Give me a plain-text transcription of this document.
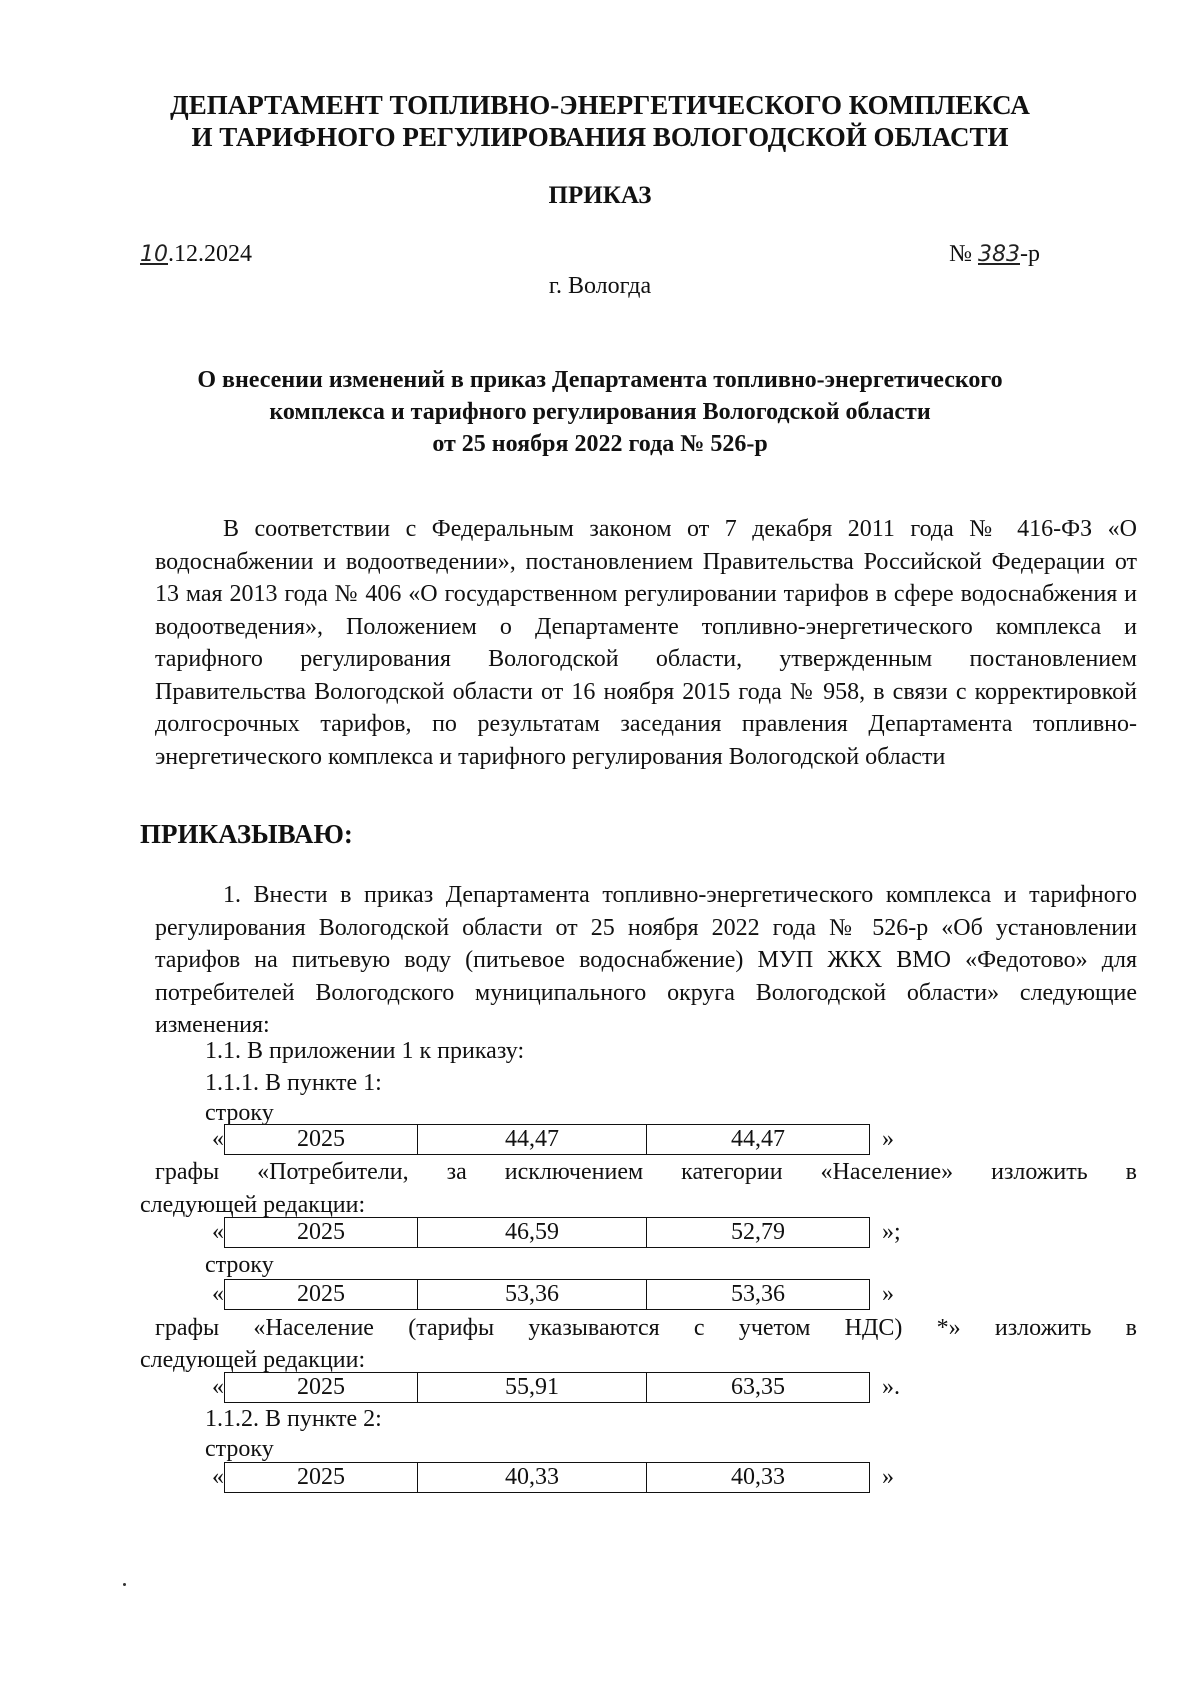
ДЕПАРТАМЕНТ ТОПЛИВНО-ЭНЕРГЕТИЧЕСКОГО КОМПЛЕКСА
И ТАРИФНОГО РЕГУЛИРОВАНИЯ ВОЛОГОДСКОЙ ОБЛАСТИ
ПРИКАЗ
10.12.2024	№ 383-р
г. Вологда
О внесении изменений в приказ Департамента топливно-энергетического
комплекса и тарифного регулирования Вологодской области
от 25 ноября 2022 года № 526-р

В соответствии с Федеральным законом от 7 декабря 2011 года № 416-ФЗ «О водоснабжении и водоотведении», постановлением Правительства Российской Федерации от 13 мая 2013 года № 406 «О государственном регулировании тарифов в сфере водоснабжения и водоотведения», Положением о Департаменте топливно-энергетического комплекса и тарифного регулирования Вологодской области, утвержденным постановлением Правительства Вологодской области от 16 ноября 2015 года № 958, в связи с корректировкой долгосрочных тарифов, по результатам заседания правления Департамента топливно-энергетического комплекса и тарифного регулирования Вологодской области

ПРИКАЗЫВАЮ:

1. Внести в приказ Департамента топливно-энергетического комплекса и тарифного регулирования Вологодской области от 25 ноября 2022 года № 526-р «Об установлении тарифов на питьевую воду (питьевое водоснабжение) МУП ЖКХ ВМО «Федотово» для потребителей Вологодского муниципального округа Вологодской области» следующие изменения:

1.1. В приложении 1 к приказу:
1.1.1. В пункте 1:
строку
«	2025	44,47	44,47	»
графы «Потребители, за исключением категории «Население» изложить в
следующей редакции:
«	2025	46,59	52,79	»;
строку
«	2025	53,36	53,36	»
графы «Население (тарифы указываются с учетом НДС) *» изложить в
следующей редакции:
«	2025	55,91	63,35	».
1.1.2. В пункте 2:
строку
«	2025	40,33	40,33	»
